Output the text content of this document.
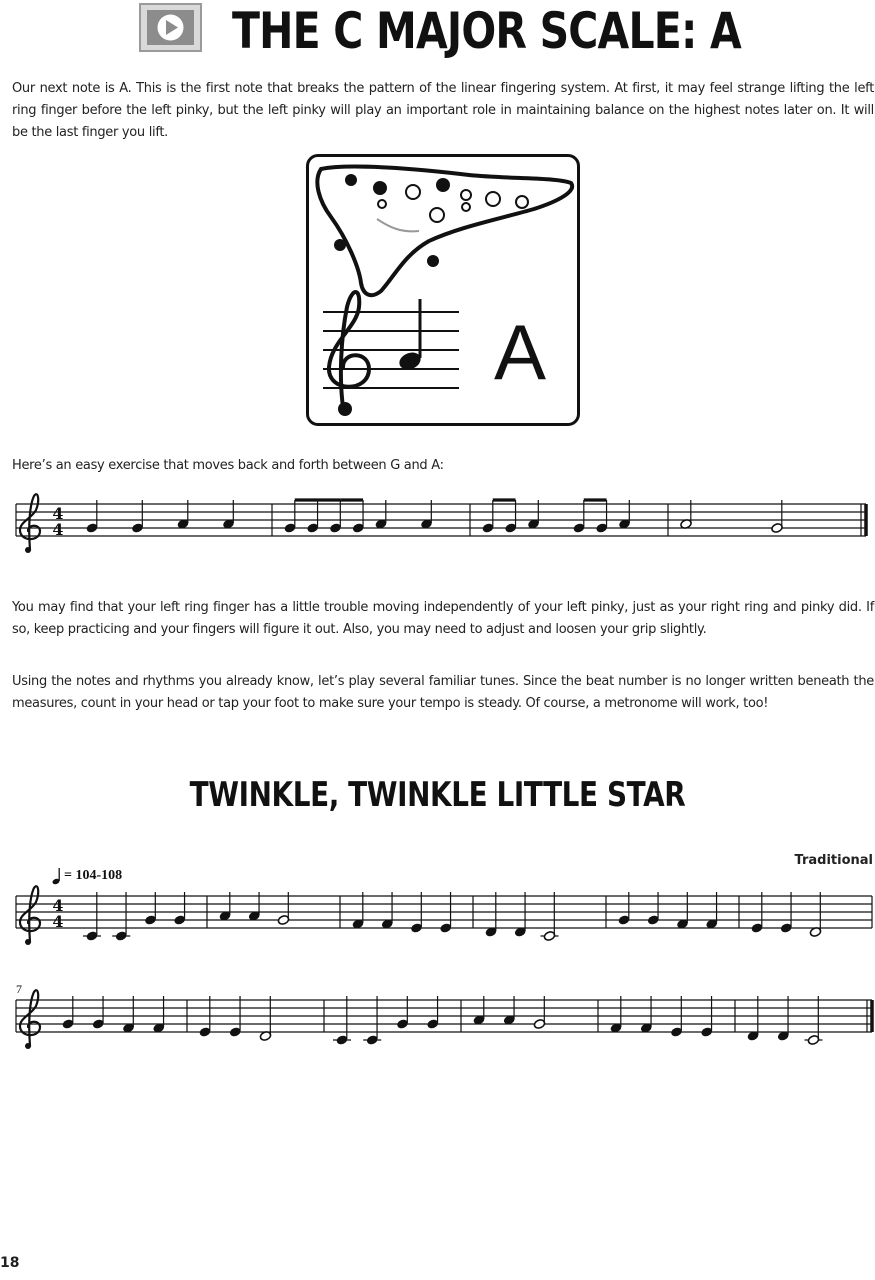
THE C MAJOR SCALE: A

Our next note is A. This is the first note that breaks the pattern of the linear fingering system. At first, it may feel strange lifting the left ring finger before the left pinky, but the left pinky will play an important role in maintaining balance on the highest notes later on. It will be the last finger you lift.

A

Here’s an easy exercise that moves back and forth between G and A:

4
4

You may find that your left ring finger has a little trouble moving independently of your left pinky, just as your right ring and pinky did. If so, keep practicing and your fingers will figure it out. Also, you may need to adjust and loosen your grip slightly.

Using the notes and rhythms you already know, let’s play several familiar tunes. Since the beat number is no longer written beneath the measures, count in your head or tap your foot to make sure your tempo is steady. Of course, a metronome will work, too!

TWINKLE, TWINKLE LITTLE STAR
Traditional
= 104-108
4
4
7
18
